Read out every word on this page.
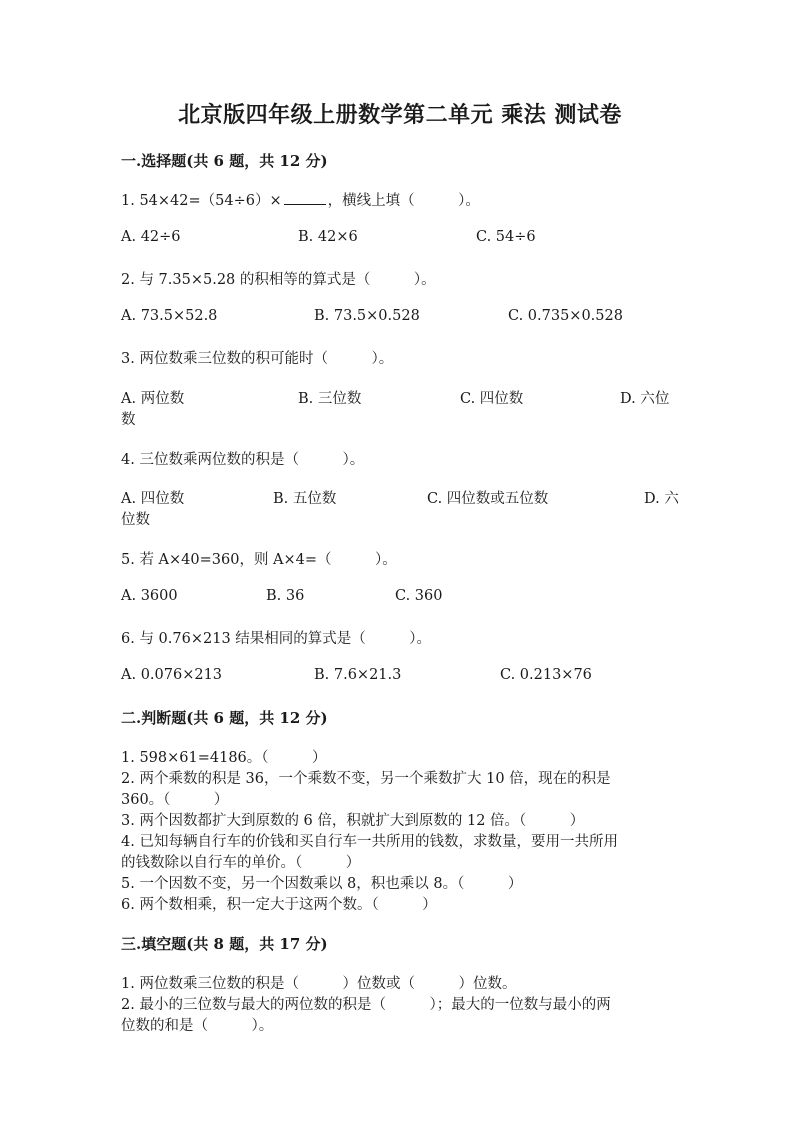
北京版四年级上册数学第二单元 乘法 测试卷
一.选择题(共 6 题，共 12 分)
1. 54×42=（54÷6）×	，横线上填（　　　）。
A. 42÷6	B. 42×6	C. 54÷6
2. 与 7.35×5.28 的积相等的算式是（　　　）。
A. 73.5×52.8	B. 73.5×0.528	C. 0.735×0.528
3. 两位数乘三位数的积可能时（　　　）。
A. 两位数	B. 三位数	C. 四位数	D. 六位
数
4. 三位数乘两位数的积是（　　　）。
A. 四位数	B. 五位数	C. 四位数或五位数	D. 六
位数
5. 若 A×40=360，则 A×4=（　　　）。
A. 3600	B. 36	C. 360
6. 与 0.76×213 结果相同的算式是（　　　）。
A. 0.076×213	B. 7.6×21.3	C. 0.213×76
二.判断题(共 6 题，共 12 分)
1. 598×61=4186。（　　　）
2. 两个乘数的积是 36，一个乘数不变，另一个乘数扩大 10 倍，现在的积是
360。（　　　）
3. 两个因数都扩大到原数的 6 倍，积就扩大到原数的 12 倍。（　　　）
4. 已知每辆自行车的价钱和买自行车一共所用的钱数，求数量，要用一共所用
的钱数除以自行车的单价。（　　　）
5. 一个因数不变，另一个因数乘以 8，积也乘以 8。（　　　）
6. 两个数相乘，积一定大于这两个数。（　　　）
三.填空题(共 8 题，共 17 分)
1. 两位数乘三位数的积是（　　　）位数或（　　　）位数。
2. 最小的三位数与最大的两位数的积是（　　　）；最大的一位数与最小的两
位数的和是（　　　）。
